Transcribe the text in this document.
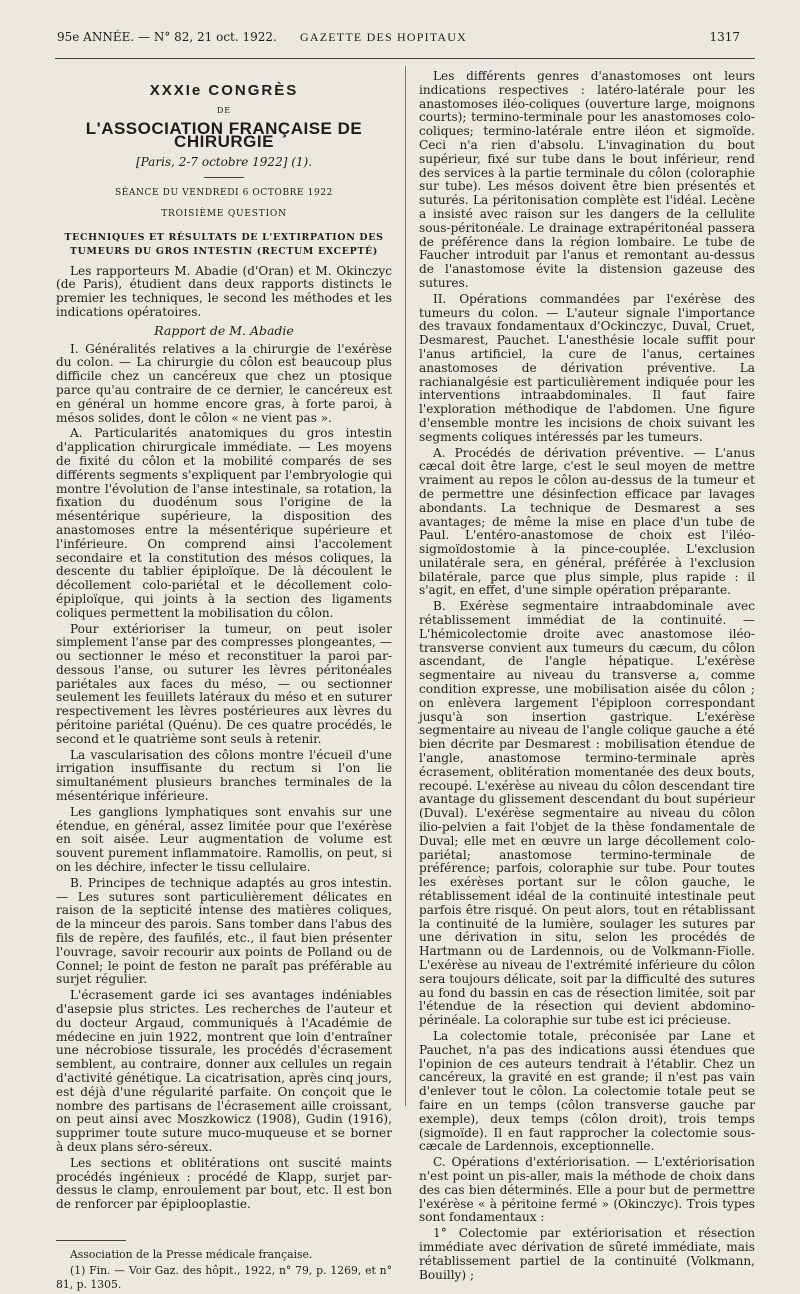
95e ANNÉE. — N° 82, 21 oct. 1922. GAZETTE DES HOPITAUX	1317
XXXIe CONGRÈS
DE
L'ASSOCIATION FRANÇAISE DE CHIRURGIE
[Paris, 2-7 octobre 1922] (1).
SÉANCE DU VENDREDI 6 OCTOBRE 1922
TROISIÈME QUESTION
TECHNIQUES ET RÉSULTATS DE L'EXTIRPATION DES TUMEURS DU GROS INTESTIN (RECTUM EXCEPTÉ)

Les rapporteurs M. Abadie (d'Oran) et M. Okinczyc (de Paris), étudient dans deux rapports distincts le premier les techniques, le second les méthodes et les indications opératoires.

Rapport de M. Abadie

I. Généralités relatives a la chirurgie de l'exérèse du colon. — La chirurgie du côlon est beaucoup plus difficile chez un cancéreux que chez un ptosique parce qu'au contraire de ce dernier, le cancéreux est en général un homme encore gras, à forte paroi, à mésos solides, dont le côlon « ne vient pas ».

A. Particularités anatomiques du gros intestin d'application chirurgicale immédiate. — Les moyens de fixité du côlon et la mobilité comparés de ses différents segments s'expliquent par l'embryologie qui montre l'évolution de l'anse intestinale, sa rotation, la fixation du duodénum sous l'origine de la mésentérique supérieure, la disposition des anastomoses entre la mésentérique supérieure et l'inférieure. On comprend ainsi l'accolement secondaire et la constitution des mésos coliques, la descente du tablier épiploïque. De là découlent le décollement colo-pariétal et le décollement colo-épiploïque, qui joints à la section des ligaments coliques permettent la mobilisation du côlon.

Pour extérioriser la tumeur, on peut isoler simplement l'anse par des compresses plongeantes, — ou sectionner le méso et reconstituer la paroi par-dessous l'anse, ou suturer les lèvres péritonéales pariétales aux faces du méso, — ou sectionner seulement les feuillets latéraux du méso et en suturer respectivement les lèvres postérieures aux lèvres du péritoine pariétal (Quénu). De ces quatre procédés, le second et le quatrième sont seuls à retenir.

La vascularisation des côlons montre l'écueil d'une irrigation insuffisante du rectum si l'on lie simultanément plusieurs branches terminales de la mésentérique inférieure.

Les ganglions lymphatiques sont envahis sur une étendue, en général, assez limitée pour que l'exérèse en soit aisée. Leur augmentation de volume est souvent purement inflammatoire. Ramollis, on peut, si on les déchire, infecter le tissu cellulaire.

B. Principes de technique adaptés au gros intestin. — Les sutures sont particulièrement délicates en raison de la septicité intense des matières coliques, de la minceur des parois. Sans tomber dans l'abus des fils de repère, des faufilés, etc., il faut bien présenter l'ouvrage, savoir recourir aux points de Polland ou de Connel; le point de feston ne paraît pas préférable au surjet régulier.

L'écrasement garde ici ses avantages indéniables d'asepsie plus strictes. Les recherches de l'auteur et du docteur Argaud, communiqués à l'Académie de médecine en juin 1922, montrent que loin d'entraîner une nécrobiose tissurale, les procédés d'écrasement semblent, au contraire, donner aux cellules un regain d'activité génétique. La cicatrisation, après cinq jours, est déjà d'une régularité parfaite. On conçoit que le nombre des partisans de l'écrasement aille croissant, on peut ainsi avec Moszkowicz (1908), Gudin (1916), supprimer toute suture muco-muqueuse et se borner à deux plans séro-séreux.

Les sections et oblitérations ont suscité maints procédés ingénieux : procédé de Klapp, surjet par-dessus le clamp, enroulement par bout, etc. Il est bon de renforcer par épiplooplastie.

Association de la Presse médicale française.

(1) Fin. — Voir Gaz. des hôpit., 1922, n° 79, p. 1269, et n° 81, p. 1305.

Les différents genres d'anastomoses ont leurs indications respectives : latéro-latérale pour les anastomoses iléo-coliques (ouverture large, moignons courts); termino-terminale pour les anastomoses colo-coliques; termino-latérale entre iléon et sigmoïde. Ceci n'a rien d'absolu. L'invagination du bout supérieur, fixé sur tube dans le bout inférieur, rend des services à la partie terminale du côlon (coloraphie sur tube). Les mésos doivent être bien présentés et suturés. La péritonisation complète est l'idéal. Lecène a insisté avec raison sur les dangers de la cellulite sous-péritonéale. Le drainage extrapéritonéal passera de préférence dans la région lombaire. Le tube de Faucher introduit par l'anus et remontant au-dessus de l'anastomose évite la distension gazeuse des sutures.

II. Opérations commandées par l'exérèse des tumeurs du colon. — L'auteur signale l'importance des travaux fondamentaux d'Ockinczyc, Duval, Cruet, Desmarest, Pauchet. L'anesthésie locale suffit pour l'anus artificiel, la cure de l'anus, certaines anastomoses de dérivation préventive. La rachianalgésie est particulièrement indiquée pour les interventions intraabdominales. Il faut faire l'exploration méthodique de l'abdomen. Une figure d'ensemble montre les incisions de choix suivant les segments coliques intéressés par les tumeurs.

A. Procédés de dérivation préventive. — L'anus cæcal doit être large, c'est le seul moyen de mettre vraiment au repos le côlon au-dessus de la tumeur et de permettre une désinfection efficace par lavages abondants. La technique de Desmarest a ses avantages; de même la mise en place d'un tube de Paul. L'entéro-anastomose de choix est l'iléo-sigmoïdostomie à la pince-couplée. L'exclusion unilatérale sera, en général, préférée à l'exclusion bilatérale, parce que plus simple, plus rapide : il s'agit, en effet, d'une simple opération préparante.

B. Exérèse segmentaire intraabdominale avec rétablissement immédiat de la continuité. — L'hémicolectomie droite avec anastomose iléo-transverse convient aux tumeurs du cæcum, du côlon ascendant, de l'angle hépatique. L'exérèse segmentaire au niveau du transverse a, comme condition expresse, une mobilisation aisée du côlon ; on enlèvera largement l'épiploon correspondant jusqu'à son insertion gastrique. L'exérèse segmentaire au niveau de l'angle colique gauche a été bien décrite par Desmarest : mobilisation étendue de l'angle, anastomose termino-terminale après écrasement, oblitération momentanée des deux bouts, recoupé. L'exérèse au niveau du côlon descendant tire avantage du glissement descendant du bout supérieur (Duval). L'exérèse segmentaire au niveau du côlon ilio-pelvien a fait l'objet de la thèse fondamentale de Duval; elle met en œuvre un large décollement colo-pariétal; anastomose termino-terminale de préférence; parfois, coloraphie sur tube. Pour toutes les exérèses portant sur le côlon gauche, le rétablissement idéal de la continuité intestinale peut parfois être risqué. On peut alors, tout en rétablissant la continuité de la lumière, soulager les sutures par une dérivation in situ, selon les procédés de Hartmann ou de Lardennois, ou de Volkmann-Fiolle. L'exérèse au niveau de l'extrémité inférieure du côlon sera toujours délicate, soit par la difficulté des sutures au fond du bassin en cas de résection limitée, soit par l'étendue de la résection qui devient abdomino-périnéale. La coloraphie sur tube est ici précieuse.

La colectomie totale, préconisée par Lane et Pauchet, n'a pas des indications aussi étendues que l'opinion de ces auteurs tendrait à l'établir. Chez un cancéreux, la gravité en est grande; il n'est pas vain d'enlever tout le côlon. La colectomie totale peut se faire en un temps (côlon transverse gauche par exemple), deux temps (côlon droit), trois temps (sigmoïde). Il en faut rapprocher la colectomie sous-cæcale de Lardennois, exceptionnelle.

C. Opérations d'extériorisation. — L'extériorisation n'est point un pis-aller, mais la méthode de choix dans des cas bien déterminés. Elle a pour but de permettre l'exérèse « à péritoine fermé » (Okinczyc). Trois types sont fondamentaux :

1° Colectomie par extériorisation et résection immédiate avec dérivation de sûreté immédiate, mais rétablissement partiel de la continuité (Volkmann, Bouilly) ;
